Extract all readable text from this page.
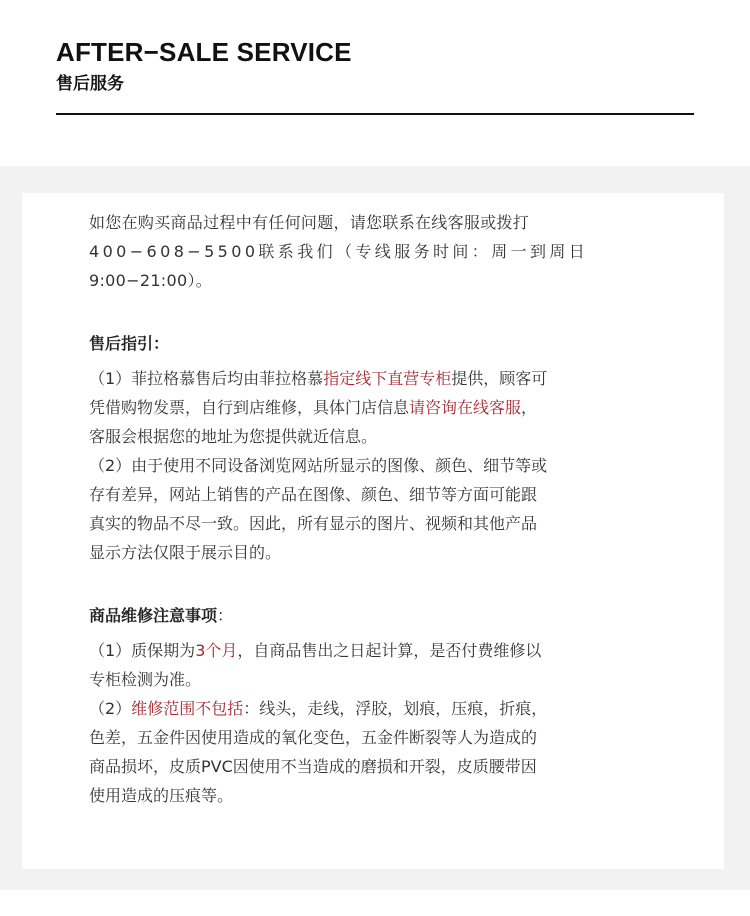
AFTER−SALE SERVICE
售后服务

如您在购买商品过程中有任何问题，请您联系在线客服或拨打

400−608−5500联系我们（专线服务时间：周一到周日

9:00−21:00）。

售后指引：

（1）菲拉格慕售后均由菲拉格慕指定线下直营专柜提供，顾客可

凭借购物发票，自行到店维修，具体门店信息请咨询在线客服，

客服会根据您的地址为您提供就近信息。

（2）由于使用不同设备浏览网站所显示的图像、颜色、细节等或

存有差异，网站上销售的产品在图像、颜色、细节等方面可能跟

真实的物品不尽一致。因此，所有显示的图片、视频和其他产品

显示方法仅限于展示目的。

商品维修注意事项：

（1）质保期为3个月，自商品售出之日起计算，是否付费维修以

专柜检测为准。

（2）维修范围不包括：线头，走线，浮胶，划痕，压痕，折痕，

色差，五金件因使用造成的氧化变色，五金件断裂等人为造成的

商品损坏，皮质PVC因使用不当造成的磨损和开裂，皮质腰带因

使用造成的压痕等。
